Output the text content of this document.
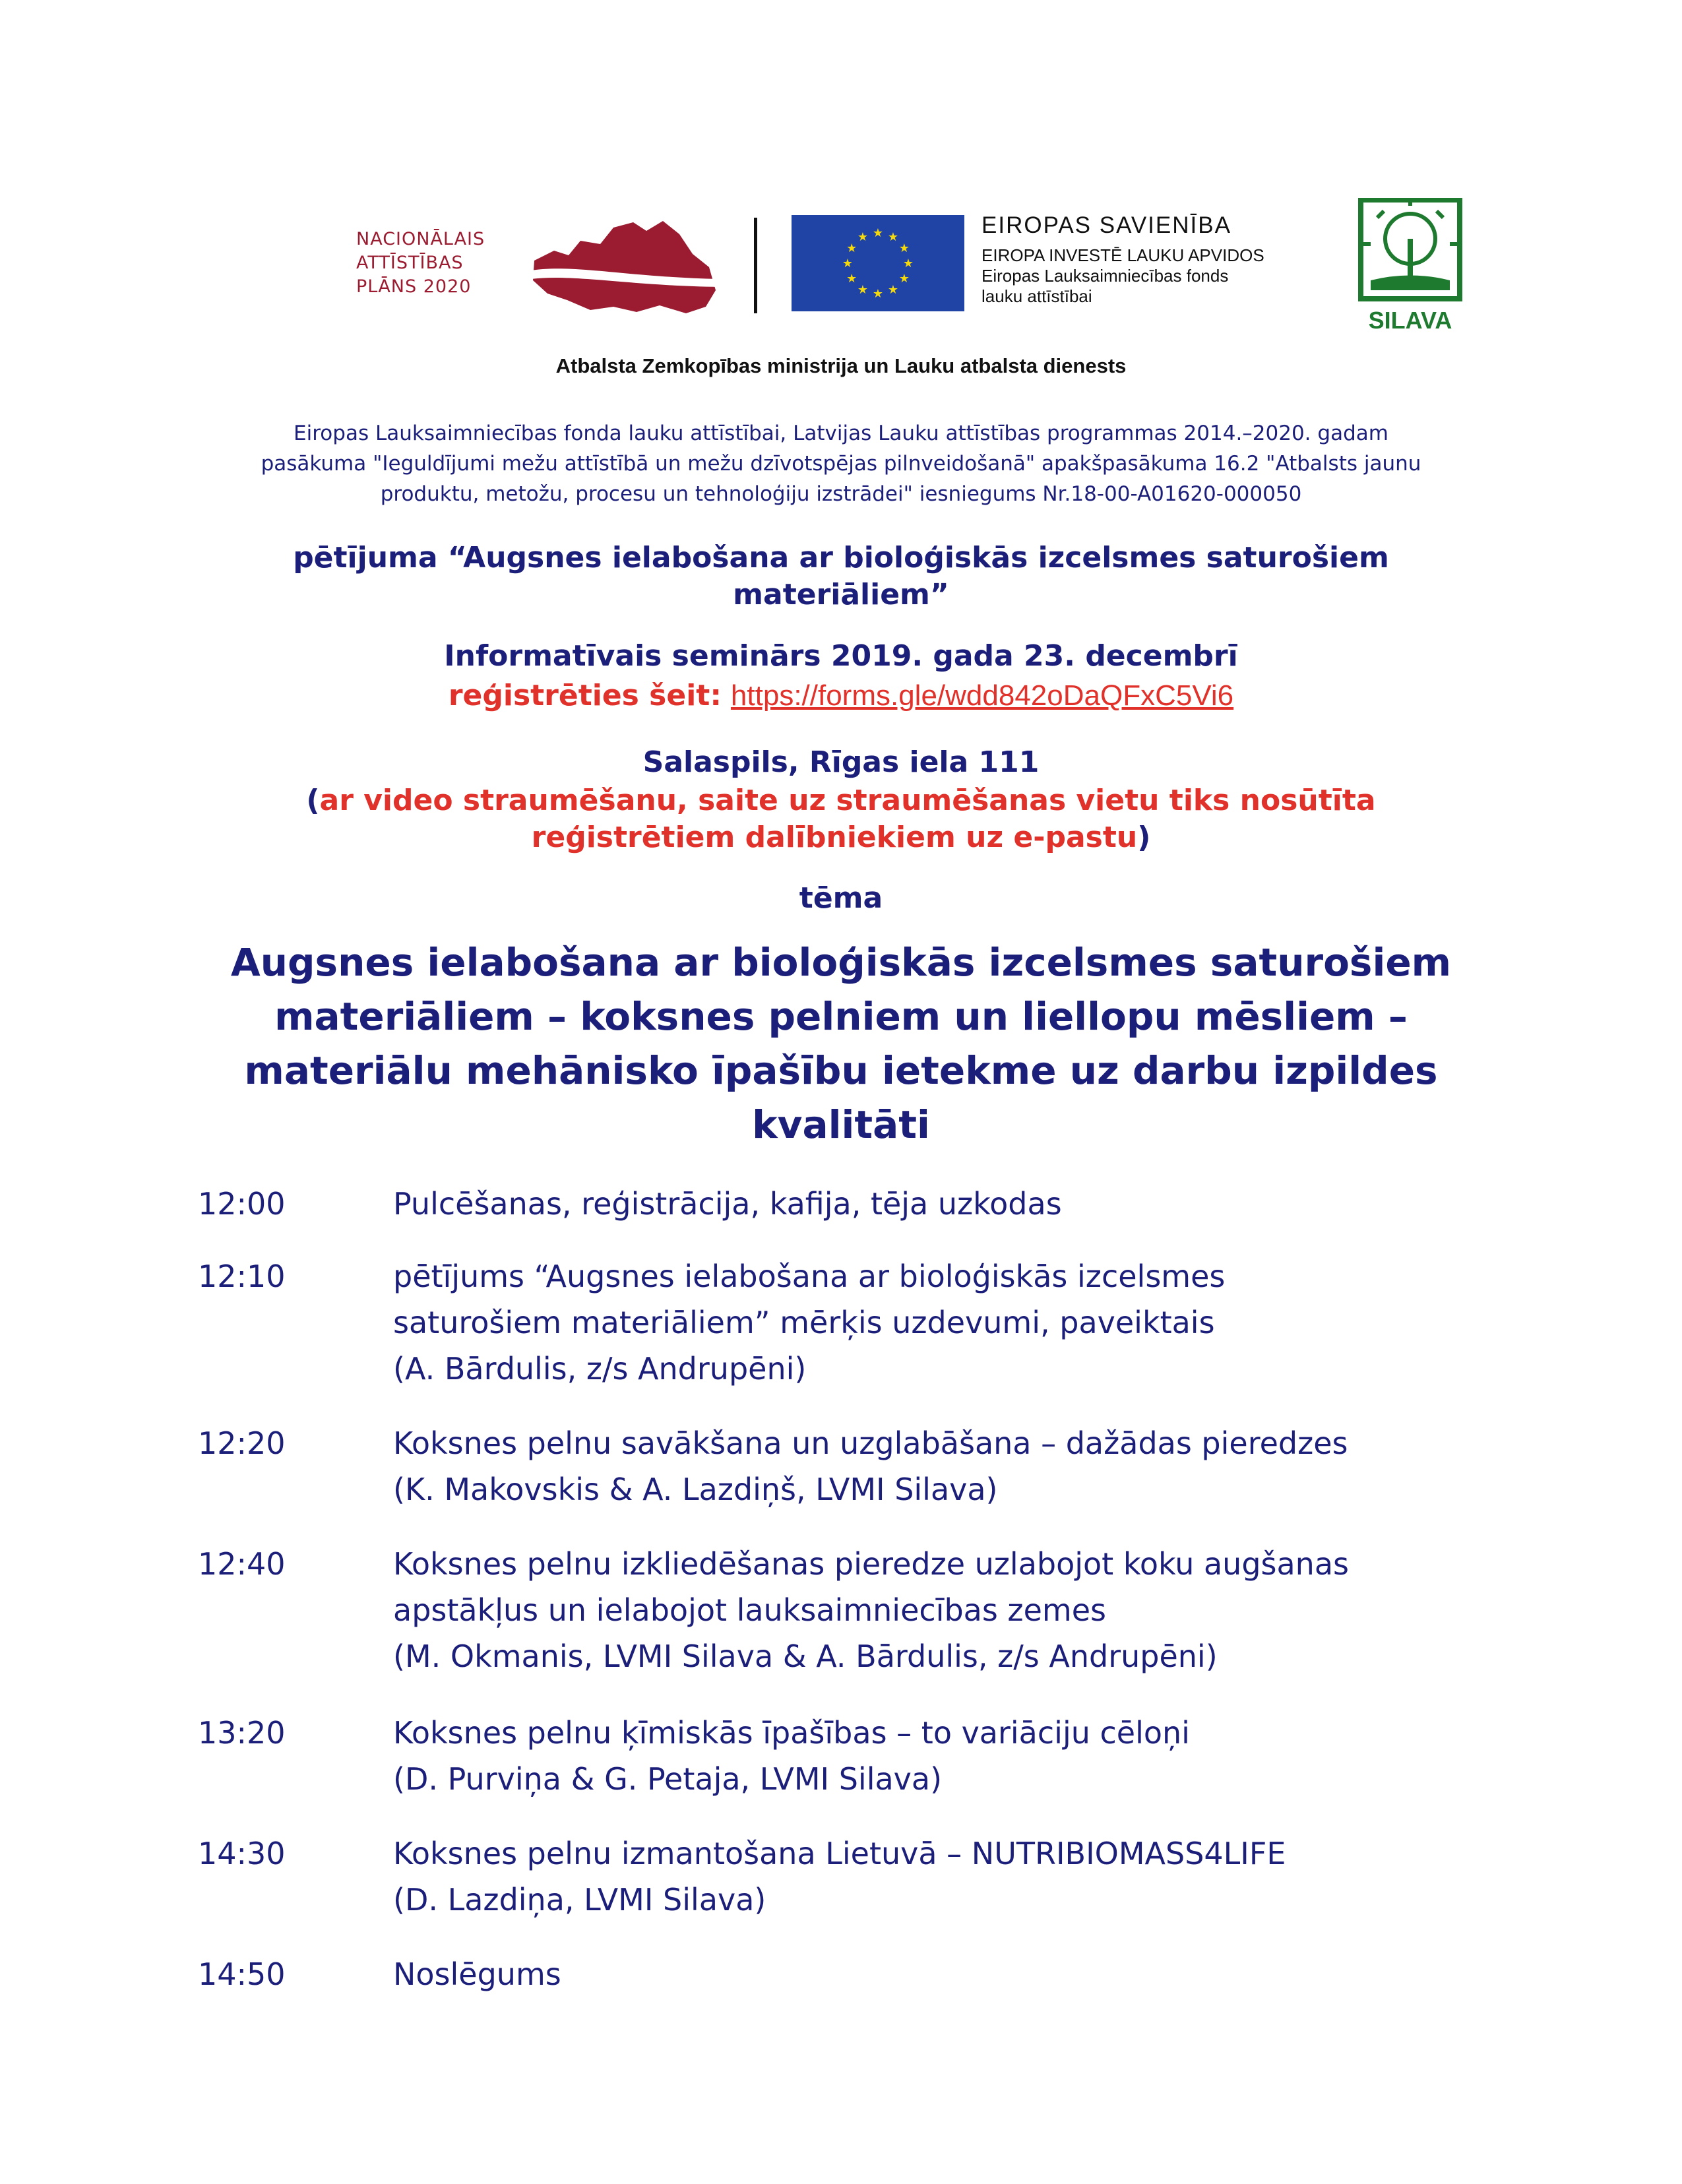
NACIONĀLAIS
ATTĪSTĪBAS
PLĀNS 2020
★ ★
★
★
★
★
★
★
★
★
★
★	EIROPAS SAVIENĪBA
EIROPA INVESTĒ LAUKU APVIDOS
Eiropas Lauksaimniecības fonds
lauku attīstībai
SILAVA
Atbalsta Zemkopības ministrija un Lauku atbalsta dienests
Eiropas Lauksaimniecības fonda lauku attīstībai, Latvijas Lauku attīstības programmas 2014.–2020. gadam
pasākuma "Ieguldījumi mežu attīstībā un mežu dzīvotspējas pilnveidošanā" apakšpasākuma 16.2 "Atbalsts jaunu
produktu, metožu, procesu un tehnoloģiju izstrādei" iesniegums Nr.18-00-A01620-000050
pētījuma “Augsnes ielabošana ar bioloģiskās izcelsmes saturošiem
materiāliem”
Informatīvais seminārs 2019. gada 23. decembrī
reģistrēties šeit: https://forms.gle/wdd842oDaQFxC5Vi6
Salaspils, Rīgas iela 111
(ar video straumēšanu, saite uz straumēšanas vietu tiks nosūtīta
reģistrētiem dalībniekiem uz e-pastu)
tēma
Augsnes ielabošana ar bioloģiskās izcelsmes saturošiem
materiāliem – koksnes pelniem un liellopu mēsliem –
materiālu mehānisko īpašību ietekme uz darbu izpildes
kvalitāti
12:00	Pulcēšanas, reģistrācija, kafija, tēja uzkodas
12:10	pētījums “Augsnes ielabošana ar bioloģiskās izcelsmes
saturošiem materiāliem” mērķis uzdevumi, paveiktais
(A. Bārdulis, z/s Andrupēni)
12:20	Koksnes pelnu savākšana un uzglabāšana – dažādas pieredzes
(K. Makovskis & A. Lazdiņš, LVMI Silava)
12:40	Koksnes pelnu izkliedēšanas pieredze uzlabojot koku augšanas
apstākļus un ielabojot lauksaimniecības zemes
(M. Okmanis, LVMI Silava & A. Bārdulis, z/s Andrupēni)
13:20	Koksnes pelnu ķīmiskās īpašības – to variāciju cēloņi
(D. Purviņa & G. Petaja, LVMI Silava)
14:30	Koksnes pelnu izmantošana Lietuvā – NUTRIBIOMASS4LIFE
(D. Lazdiņa, LVMI Silava)
14:50	Noslēgums
